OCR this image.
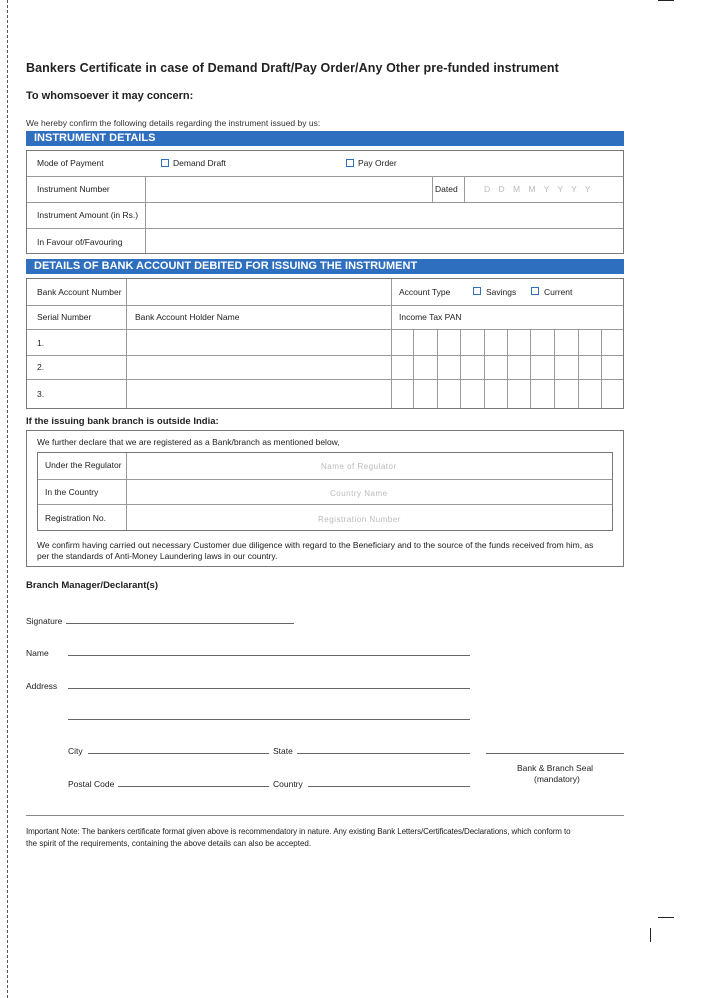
Bankers Certificate in case of Demand Draft/Pay Order/Any Other pre-funded instrument
To whomsoever it may concern:
We hereby confirm the following details regarding the instrument issued by us:
INSTRUMENT DETAILS
Mode of Payment	Demand Draft	Pay Order
Instrument Number	Dated	D D M M Y Y Y Y
Instrument Amount (in Rs.)
In Favour of/Favouring
DETAILS OF BANK ACCOUNT DEBITED FOR ISSUING THE INSTRUMENT
Bank Account Number	Account Type	Savings	Current
Serial Number	Bank Account Holder Name	Income Tax PAN
1.
2.
3.
If the issuing bank branch is outside India:
We further declare that we are registered as a Bank/branch as mentioned below,
Under the Regulator	Name of Regulator
In the Country	Country Name
Registration No.	Registration Number
We confirm having carried out necessary Customer due diligence with regard to the Beneficiary and to the source of the funds received from him, as
per the standards of Anti-Money Laundering laws in our country.
Branch Manager/Declarant(s)
Signature
Name
Address
City	State
Bank & Branch Seal
(mandatory)
Postal Code	Country
Important Note: The bankers certificate format given above is recommendatory in nature. Any existing Bank Letters/Certificates/Declarations, which conform to
the spirit of the requirements, containing the above details can also be accepted.
